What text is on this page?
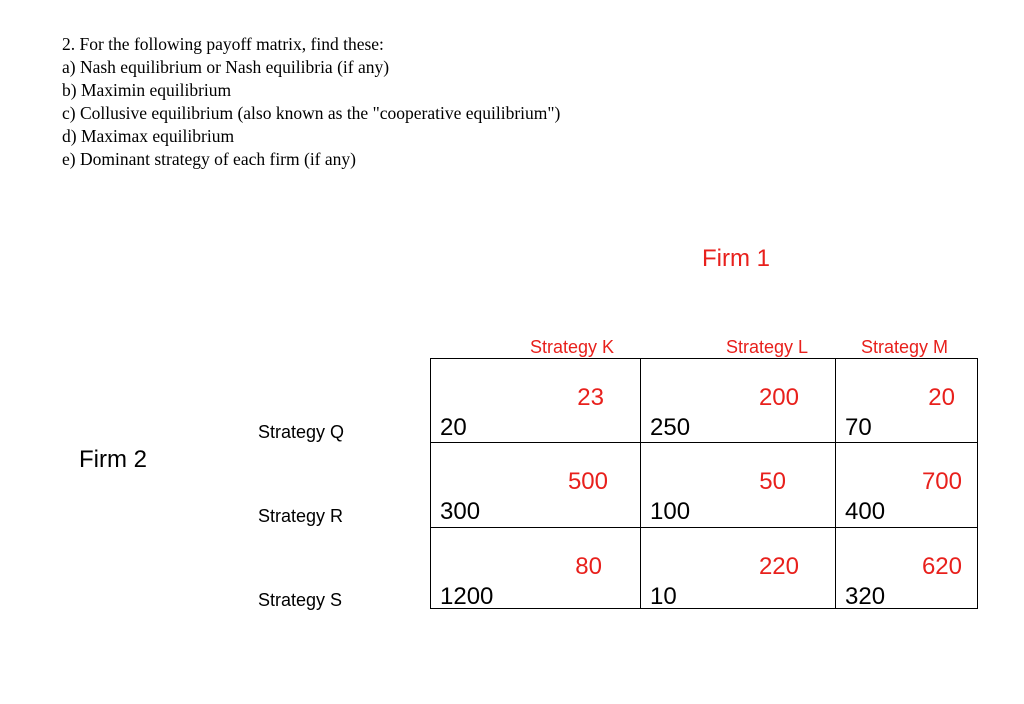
2. For the following payoff matrix, find these:
a) Nash equilibrium or Nash equilibria (if any)
b) Maximin equilibrium
c) Collusive equilibrium (also known as the "cooperative equilibrium")
d) Maximax equilibrium
e) Dominant strategy of each firm (if any)
Firm 1
Firm 2
Strategy K	Strategy L	Strategy M
Strategy Q
Strategy R
Strategy S
23
20
200
250
20
70
500
300
50
100
700
400
80
1200
220
10
620
320
